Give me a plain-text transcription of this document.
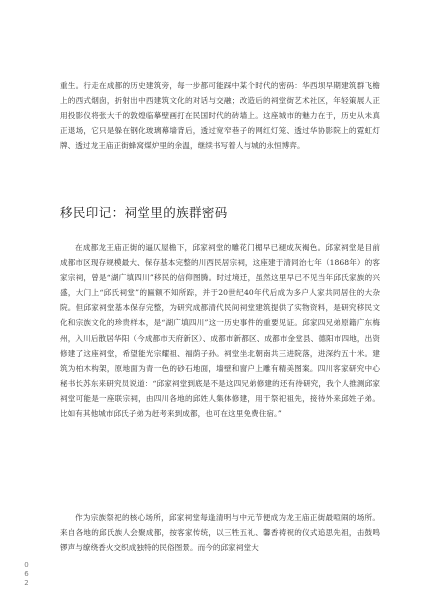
重生。行走在成都的历史建筑旁，每一步都可能踩中某个时代的密码：华西坝早期建筑群飞檐上的西式烟囱，折射出中西建筑文化的对话与交融；改造后的祠堂街艺术社区，年轻策展人正用投影仪将张大千的敦煌临摹壁画打在民国时代的砖墙上。这座城市的魅力在于，历史从未真正退场，它只是躲在钢化玻璃幕墙背后，透过宽窄巷子的网红灯笼、透过华协影院上的霓虹灯牌、透过龙王庙正街蜂窝煤炉里的余温，继续书写着人与城的永恒博弈。

移民印记：祠堂里的族群密码

在成都龙王庙正街的逼仄屋檐下，邱家祠堂的雕花门楣早已褪成灰褐色。邱家祠堂是目前成都市区现存规模最大、保存基本完整的川西民居宗祠，这座建于清同治七年（1868年）的客家宗祠，曾是“湖广填四川”移民的信仰图腾。时过境迁，虽然这里早已不见当年邱氏家族的兴盛，大门上“邱氏祠堂”的匾额不知所踪，并于20世纪40年代后成为多户人家共同居住的大杂院。但邱家祠堂基本保存完整，为研究成都清代民间祠堂建筑提供了实物资料，是研究移民文化和宗族文化的珍贵样本，是“湖广填四川”这一历史事件的重要见证。邱家四兄弟原籍广东梅州，入川后散居华阳（今成都市天府新区）、成都市新都区、成都市金堂县、德阳市四地，出资修建了这座祠堂，希望能光宗耀祖、福荫子孙。祠堂坐北朝南共三进院落，进深约五十米。建筑为柏木构架，原地面为青一色的砂石地面，墙壁和窗户上雕有精美图案。四川客家研究中心秘书长苏东来研究员说道：“邱家祠堂到底是不是这四兄弟修建的还有待研究，我个人推测邱家祠堂可能是一座联宗祠，由四川各地的邱姓人集体修建，用于祭祀祖先，接待外来邱姓子弟。比如有其他城市邱氏子弟为赶考来到成都，也可在这里免费住宿。”

作为宗族祭祀的核心场所，邱家祠堂每逢清明与中元节便成为龙王庙正街最喧闹的场所。来自各地的邱氏族人会聚成都，按客家传统，以三牲五礼、馨香祷祝的仪式追思先祖，击鼓鸣锣声与缭绕香火交织成独特的民俗图景。而今的邱家祠堂大

0
6
2
